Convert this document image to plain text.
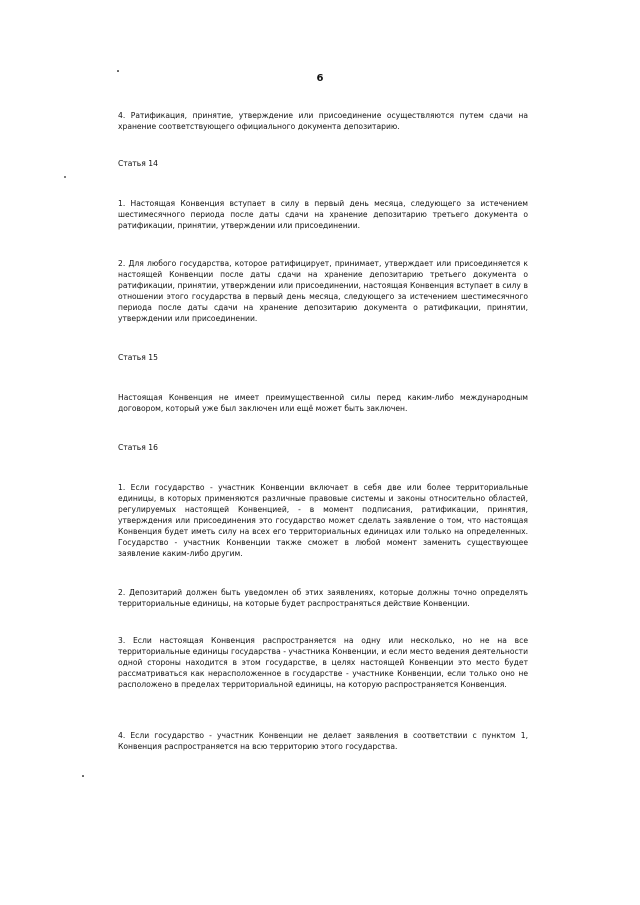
6

4. Ратификация, принятие, утверждение или присоединение осуществляются путем сдачи на хранение соответствующего официального документа депозитарию.

Статья 14

1. Настоящая Конвенция вступает в силу в первый день месяца, следующего за истечением шестимесячного периода после даты сдачи на хранение депозитарию третьего документа о ратификации, принятии, утверждении или присоединении.

2. Для любого государства, которое ратифицирует, принимает, утверждает или присоединяется к настоящей Конвенции после даты сдачи на хранение депозитарию третьего документа о ратификации, принятии, утверждении или присоединении, настоящая Конвенция вступает в силу в отношении этого государства в первый день месяца, следующего за истечением шестимесячного периода после даты сдачи на хранение депозитарию документа о ратификации, принятии, утверждении или присоединении.

Статья 15

Настоящая Конвенция не имеет преимущественной силы перед каким-либо международным договором, который уже был заключен или ещё может быть заключен.

Статья 16

1. Если государство - участник Конвенции включает в себя две или более территориальные единицы, в которых применяются различные правовые системы и законы относительно областей, регулируемых настоящей Конвенцией, - в момент подписания, ратификации, принятия, утверждения или присоединения это государство может сделать заявление о том, что настоящая Конвенция будет иметь силу на всех его территориальных единицах или только на определенных. Государство - участник Конвенции также сможет в любой момент заменить существующее заявление каким-либо другим.

2. Депозитарий должен быть уведомлен об этих заявлениях, которые должны точно определять территориальные единицы, на которые будет распространяться действие Конвенции.

3. Если настоящая Конвенция распространяется на одну или несколько, но не на все территориальные единицы государства - участника Конвенции, и если место ведения деятельности одной стороны находится в этом государстве, в целях настоящей Конвенции это место будет рассматриваться как нерасположенное в государстве - участнике Конвенции, если только оно не расположено в пределах территориальной единицы, на которую распространяется Конвенция.

4. Если государство - участник Конвенции не делает заявления в соответствии с пунктом 1, Конвенция распространяется на всю территорию этого государства.
